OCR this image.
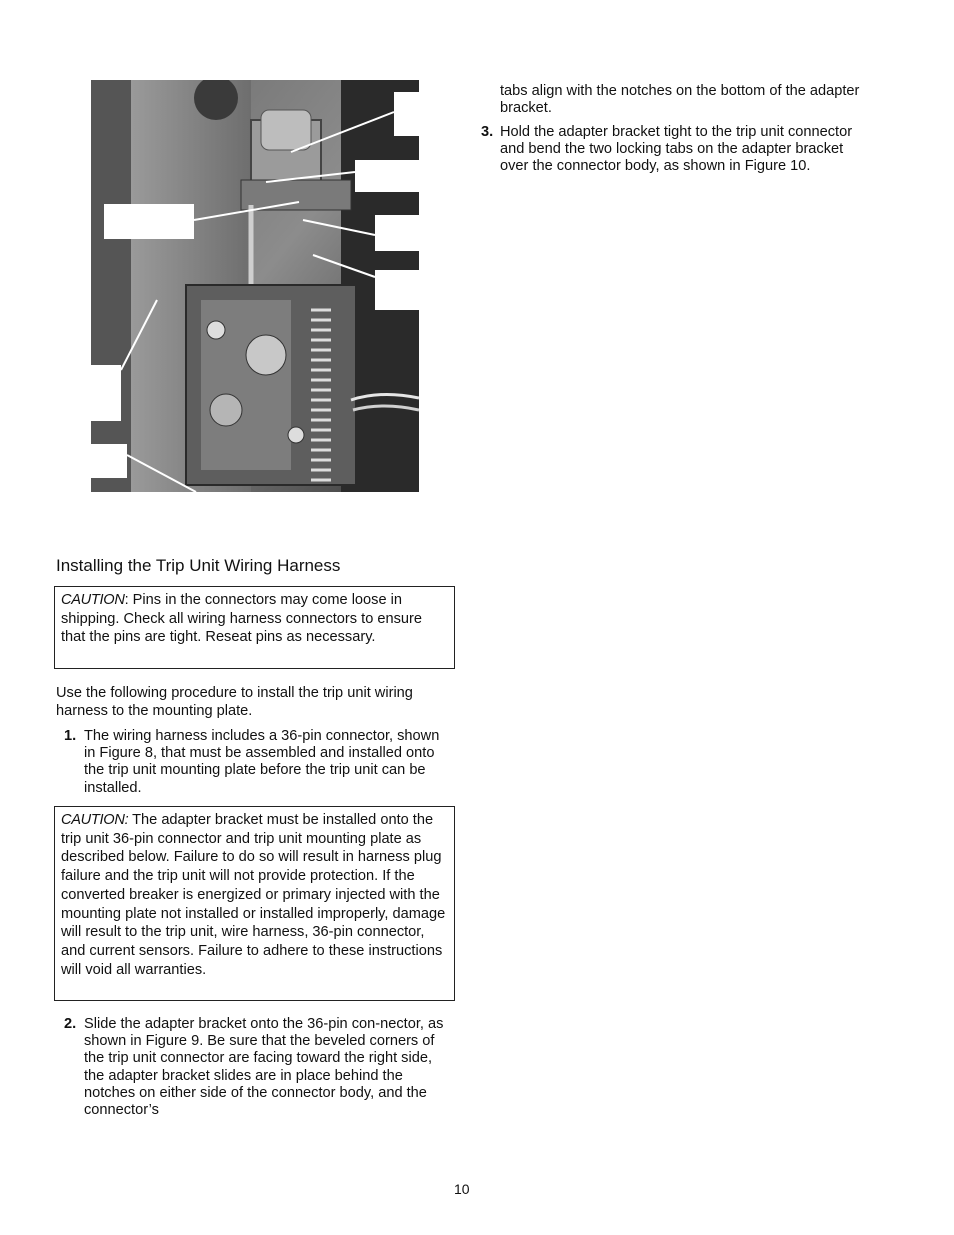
tabs align with the notches on the bottom of the adapter bracket.
3. Hold the adapter bracket tight to the trip unit connector and bend the two locking tabs on the adapter bracket over the connector body, as shown in Figure 10.
Installing the Trip Unit Wiring Harness
CAUTION: Pins in the connectors may come loose in shipping. Check all wiring harness connectors to ensure that the pins are tight. Reseat pins as necessary.

Use the following procedure to install the trip unit wiring harness to the mounting plate.

1. The wiring harness includes a 36-pin connector, shown in Figure 8, that must be assembled and installed onto the trip unit mounting plate before the trip unit can be installed.
CAUTION: The adapter bracket must be installed onto the trip unit 36-pin connector and trip unit mounting plate as described below. Failure to do so will result in harness plug failure and the trip unit will not provide protection. If the converted breaker is energized or primary injected with the mounting plate not installed or installed improperly, damage will result to the trip unit, wire harness, 36-pin connector, and current sensors. Failure to adhere to these instructions will void all warranties.
2. Slide the adapter bracket onto the 36-pin con-nector, as shown in Figure 9. Be sure that the beveled corners of the trip unit connector are facing toward the right side, the adapter bracket slides are in place behind the notches on either side of the connector body, and the connector’s
10
